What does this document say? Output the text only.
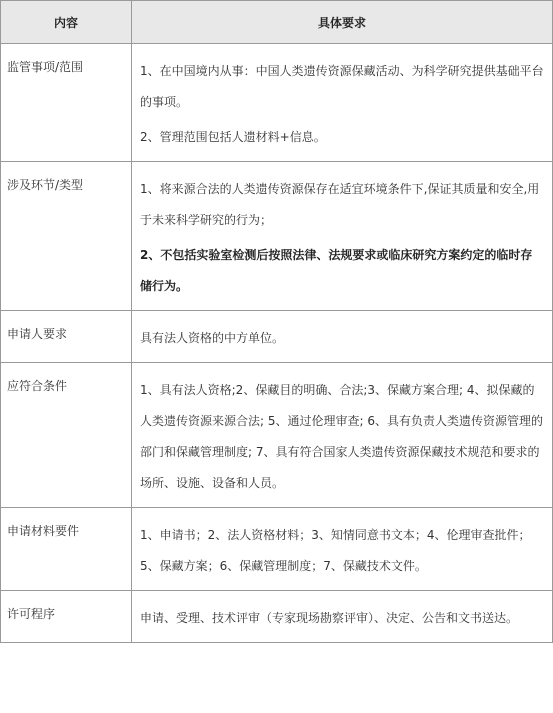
内容	具体要求
监管事项/范围	1、在中国境内从事：中国人类遗传资源保藏活动、为科学研究提供基础平台的事项。

2、管理范围包括人遗材料+信息。

涉及环节/类型	1、将来源合法的人类遗传资源保存在适宜环境条件下,保证其质量和安全,用于未来科学研究的行为；

2、不包括实验室检测后按照法律、法规要求或临床研究方案约定的临时存储行为。

申请人要求	具有法人资格的中方单位。

应符合条件	1、具有法人资格;2、保藏目的明确、合法;3、保藏方案合理; 4、拟保藏的人类遗传资源来源合法; 5、通过伦理审查; 6、具有负责人类遗传资源管理的部门和保藏管理制度; 7、具有符合国家人类遗传资源保藏技术规范和要求的场所、设施、设备和人员。

申请材料要件	1、申请书；2、法人资格材料；3、知情同意书文本；4、伦理审查批件；5、保藏方案；6、保藏管理制度；7、保藏技术文件。

许可程序	申请、受理、技术评审（专家现场勘察评审）、决定、公告和文书送达。
